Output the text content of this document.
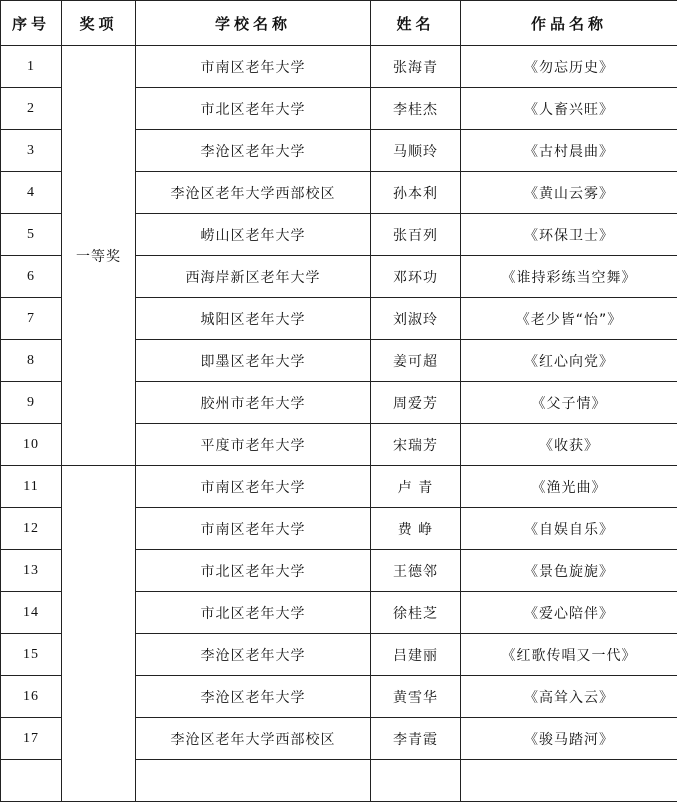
序号	奖项	学校名称	姓名	作品名称
1	一等奖	市南区老年大学	张海青	《勿忘历史》
2		市北区老年大学	李桂杰	《人畜兴旺》
3		李沧区老年大学	马顺玲	《古村晨曲》
4		李沧区老年大学西部校区	孙本利	《黄山云雾》
5		崂山区老年大学	张百列	《环保卫士》
6		西海岸新区老年大学	邓环功	《谁持彩练当空舞》
7		城阳区老年大学	刘淑玲	《老少皆“怡”》
8		即墨区老年大学	姜可超	《红心向党》
9		胶州市老年大学	周爱芳	《父子情》
10		平度市老年大学	宋瑞芳	《收获》
11		市南区老年大学	卢 青	《渔光曲》
12		市南区老年大学	费 峥	《自娱自乐》
13		市北区老年大学	王德邻	《景色旋旎》
14		市北区老年大学	徐桂芝	《爱心陪伴》
15		李沧区老年大学	吕建丽	《红歌传唱又一代》
16		李沧区老年大学	黄雪华	《高耸入云》
17		李沧区老年大学西部校区	李青霞	《骏马踏河》
